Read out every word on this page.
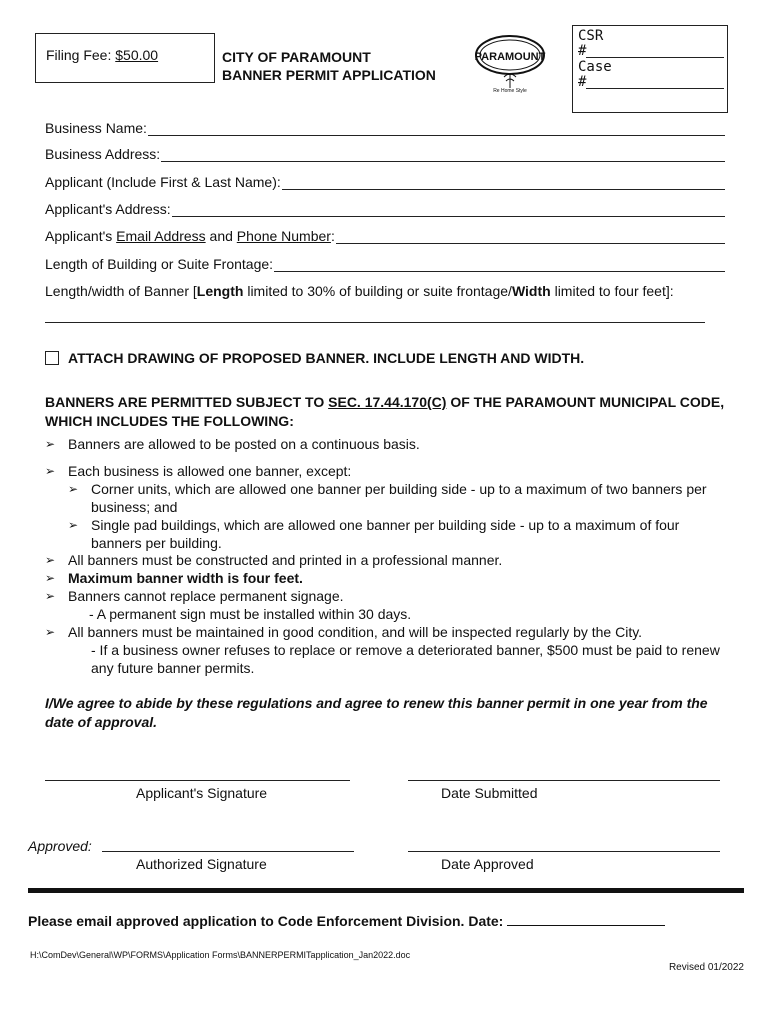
Filing Fee: $50.00	CITY OF PARAMOUNT
BANNER PERMIT APPLICATION
PARAMOUNT
Re Home Style
CSR
#
Case
#
Business Name:
Business Address:
Applicant (Include First & Last Name):
Applicant's Address:
Applicant's Email Address and Phone Number:
Length of Building or Suite Frontage:
Length/width of Banner [Length limited to 30% of building or suite frontage/Width limited to four feet]:
ATTACH DRAWING OF PROPOSED BANNER. INCLUDE LENGTH AND WIDTH.
BANNERS ARE PERMITTED SUBJECT TO SEC. 17.44.170(C) OF THE PARAMOUNT MUNICIPAL CODE, WHICH INCLUDES THE FOLLOWING:
➢ Banners are allowed to be posted on a continuous basis.
➢ Each business is allowed one banner, except:
➢ Corner units, which are allowed one banner per building side - up to a maximum of two banners per business; and
➢ Single pad buildings, which are allowed one banner per building side - up to a maximum of four banners per building.
➢ All banners must be constructed and printed in a professional manner.
➢ Maximum banner width is four feet.
➢ Banners cannot replace permanent signage.
- A permanent sign must be installed within 30 days.
➢ All banners must be maintained in good condition, and will be inspected regularly by the City.
- If a business owner refuses to replace or remove a deteriorated banner, $500 must be paid to renew any future banner permits.
I/We agree to abide by these regulations and agree to renew this banner permit in one year from the date of approval.
Applicant's Signature	Date Submitted
Approved:
Authorized Signature	Date Approved
Please email approved application to Code Enforcement Division. Date:
H:\ComDev\General\WP\FORMS\Application Forms\BANNERPERMITapplication_Jan2022.doc
Revised 01/2022
